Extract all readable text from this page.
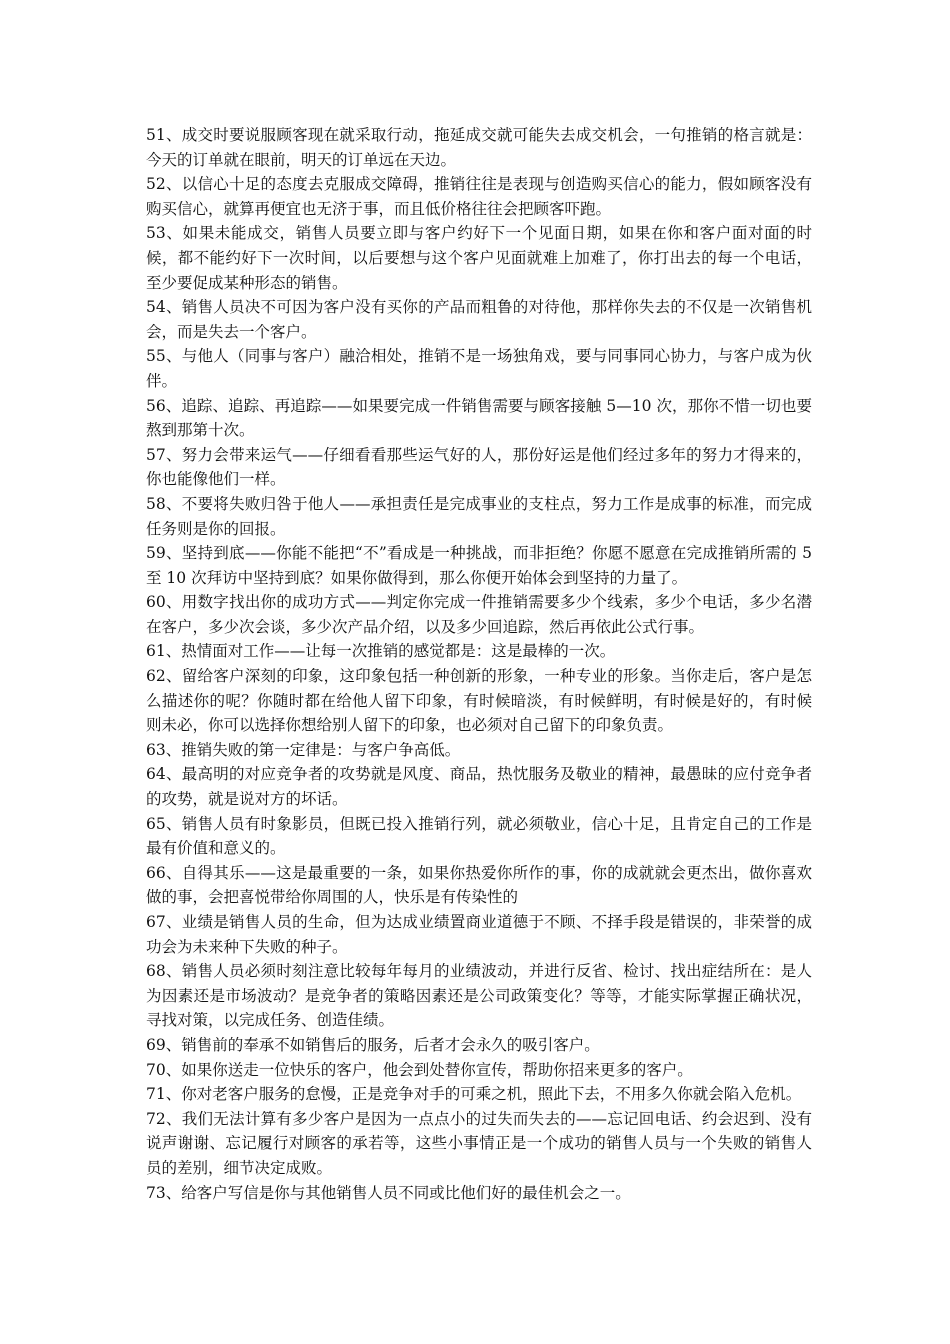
51、成交时要说服顾客现在就采取行动，拖延成交就可能失去成交机会，一句推销的格言就是：今天的订单就在眼前，明天的订单远在天边。

52、以信心十足的态度去克服成交障碍，推销往往是表现与创造购买信心的能力，假如顾客没有购买信心，就算再便宜也无济于事，而且低价格往往会把顾客吓跑。

53、如果未能成交，销售人员要立即与客户约好下一个见面日期，如果在你和客户面对面的时候，都不能约好下一次时间，以后要想与这个客户见面就难上加难了，你打出去的每一个电话，至少要促成某种形态的销售。

54、销售人员决不可因为客户没有买你的产品而粗鲁的对待他，那样你失去的不仅是一次销售机会，而是失去一个客户。

55、与他人（同事与客户）融洽相处，推销不是一场独角戏，要与同事同心协力，与客户成为伙伴。

56、追踪、追踪、再追踪——如果要完成一件销售需要与顾客接触 5—10 次，那你不惜一切也要熬到那第十次。

57、努力会带来运气——仔细看看那些运气好的人，那份好运是他们经过多年的努力才得来的，你也能像他们一样。

58、不要将失败归咎于他人——承担责任是完成事业的支柱点，努力工作是成事的标准，而完成任务则是你的回报。

59、坚持到底——你能不能把“不”看成是一种挑战，而非拒绝？你愿不愿意在完成推销所需的 5 至 10 次拜访中坚持到底？如果你做得到，那么你便开始体会到坚持的力量了。

60、用数字找出你的成功方式——判定你完成一件推销需要多少个线索，多少个电话，多少名潜在客户，多少次会谈，多少次产品介绍，以及多少回追踪，然后再依此公式行事。

61、热情面对工作——让每一次推销的感觉都是：这是最棒的一次。

62、留给客户深刻的印象，这印象包括一种创新的形象，一种专业的形象。当你走后，客户是怎么描述你的呢？你随时都在给他人留下印象，有时候暗淡，有时候鲜明，有时候是好的，有时候则未必，你可以选择你想给别人留下的印象，也必须对自己留下的印象负责。

63、推销失败的第一定律是：与客户争高低。

64、最高明的对应竞争者的攻势就是风度、商品，热忱服务及敬业的精神，最愚昧的应付竞争者的攻势，就是说对方的坏话。

65、销售人员有时象影员，但既已投入推销行列，就必须敬业，信心十足，且肯定自己的工作是最有价值和意义的。

66、自得其乐——这是最重要的一条，如果你热爱你所作的事，你的成就就会更杰出，做你喜欢做的事，会把喜悦带给你周围的人，快乐是有传染性的

67、业绩是销售人员的生命，但为达成业绩置商业道德于不顾、不择手段是错误的，非荣誉的成功会为未来种下失败的种子。

68、销售人员必须时刻注意比较每年每月的业绩波动，并进行反省、检讨、找出症结所在：是人为因素还是市场波动？是竞争者的策略因素还是公司政策变化？等等，才能实际掌握正确状况，寻找对策，以完成任务、创造佳绩。

69、销售前的奉承不如销售后的服务，后者才会永久的吸引客户。

70、如果你送走一位快乐的客户，他会到处替你宣传，帮助你招来更多的客户。

71、你对老客户服务的怠慢，正是竞争对手的可乘之机，照此下去，不用多久你就会陷入危机。

72、我们无法计算有多少客户是因为一点点小的过失而失去的——忘记回电话、约会迟到、没有说声谢谢、忘记履行对顾客的承若等，这些小事情正是一个成功的销售人员与一个失败的销售人员的差别，细节决定成败。

73、给客户写信是你与其他销售人员不同或比他们好的最佳机会之一。
